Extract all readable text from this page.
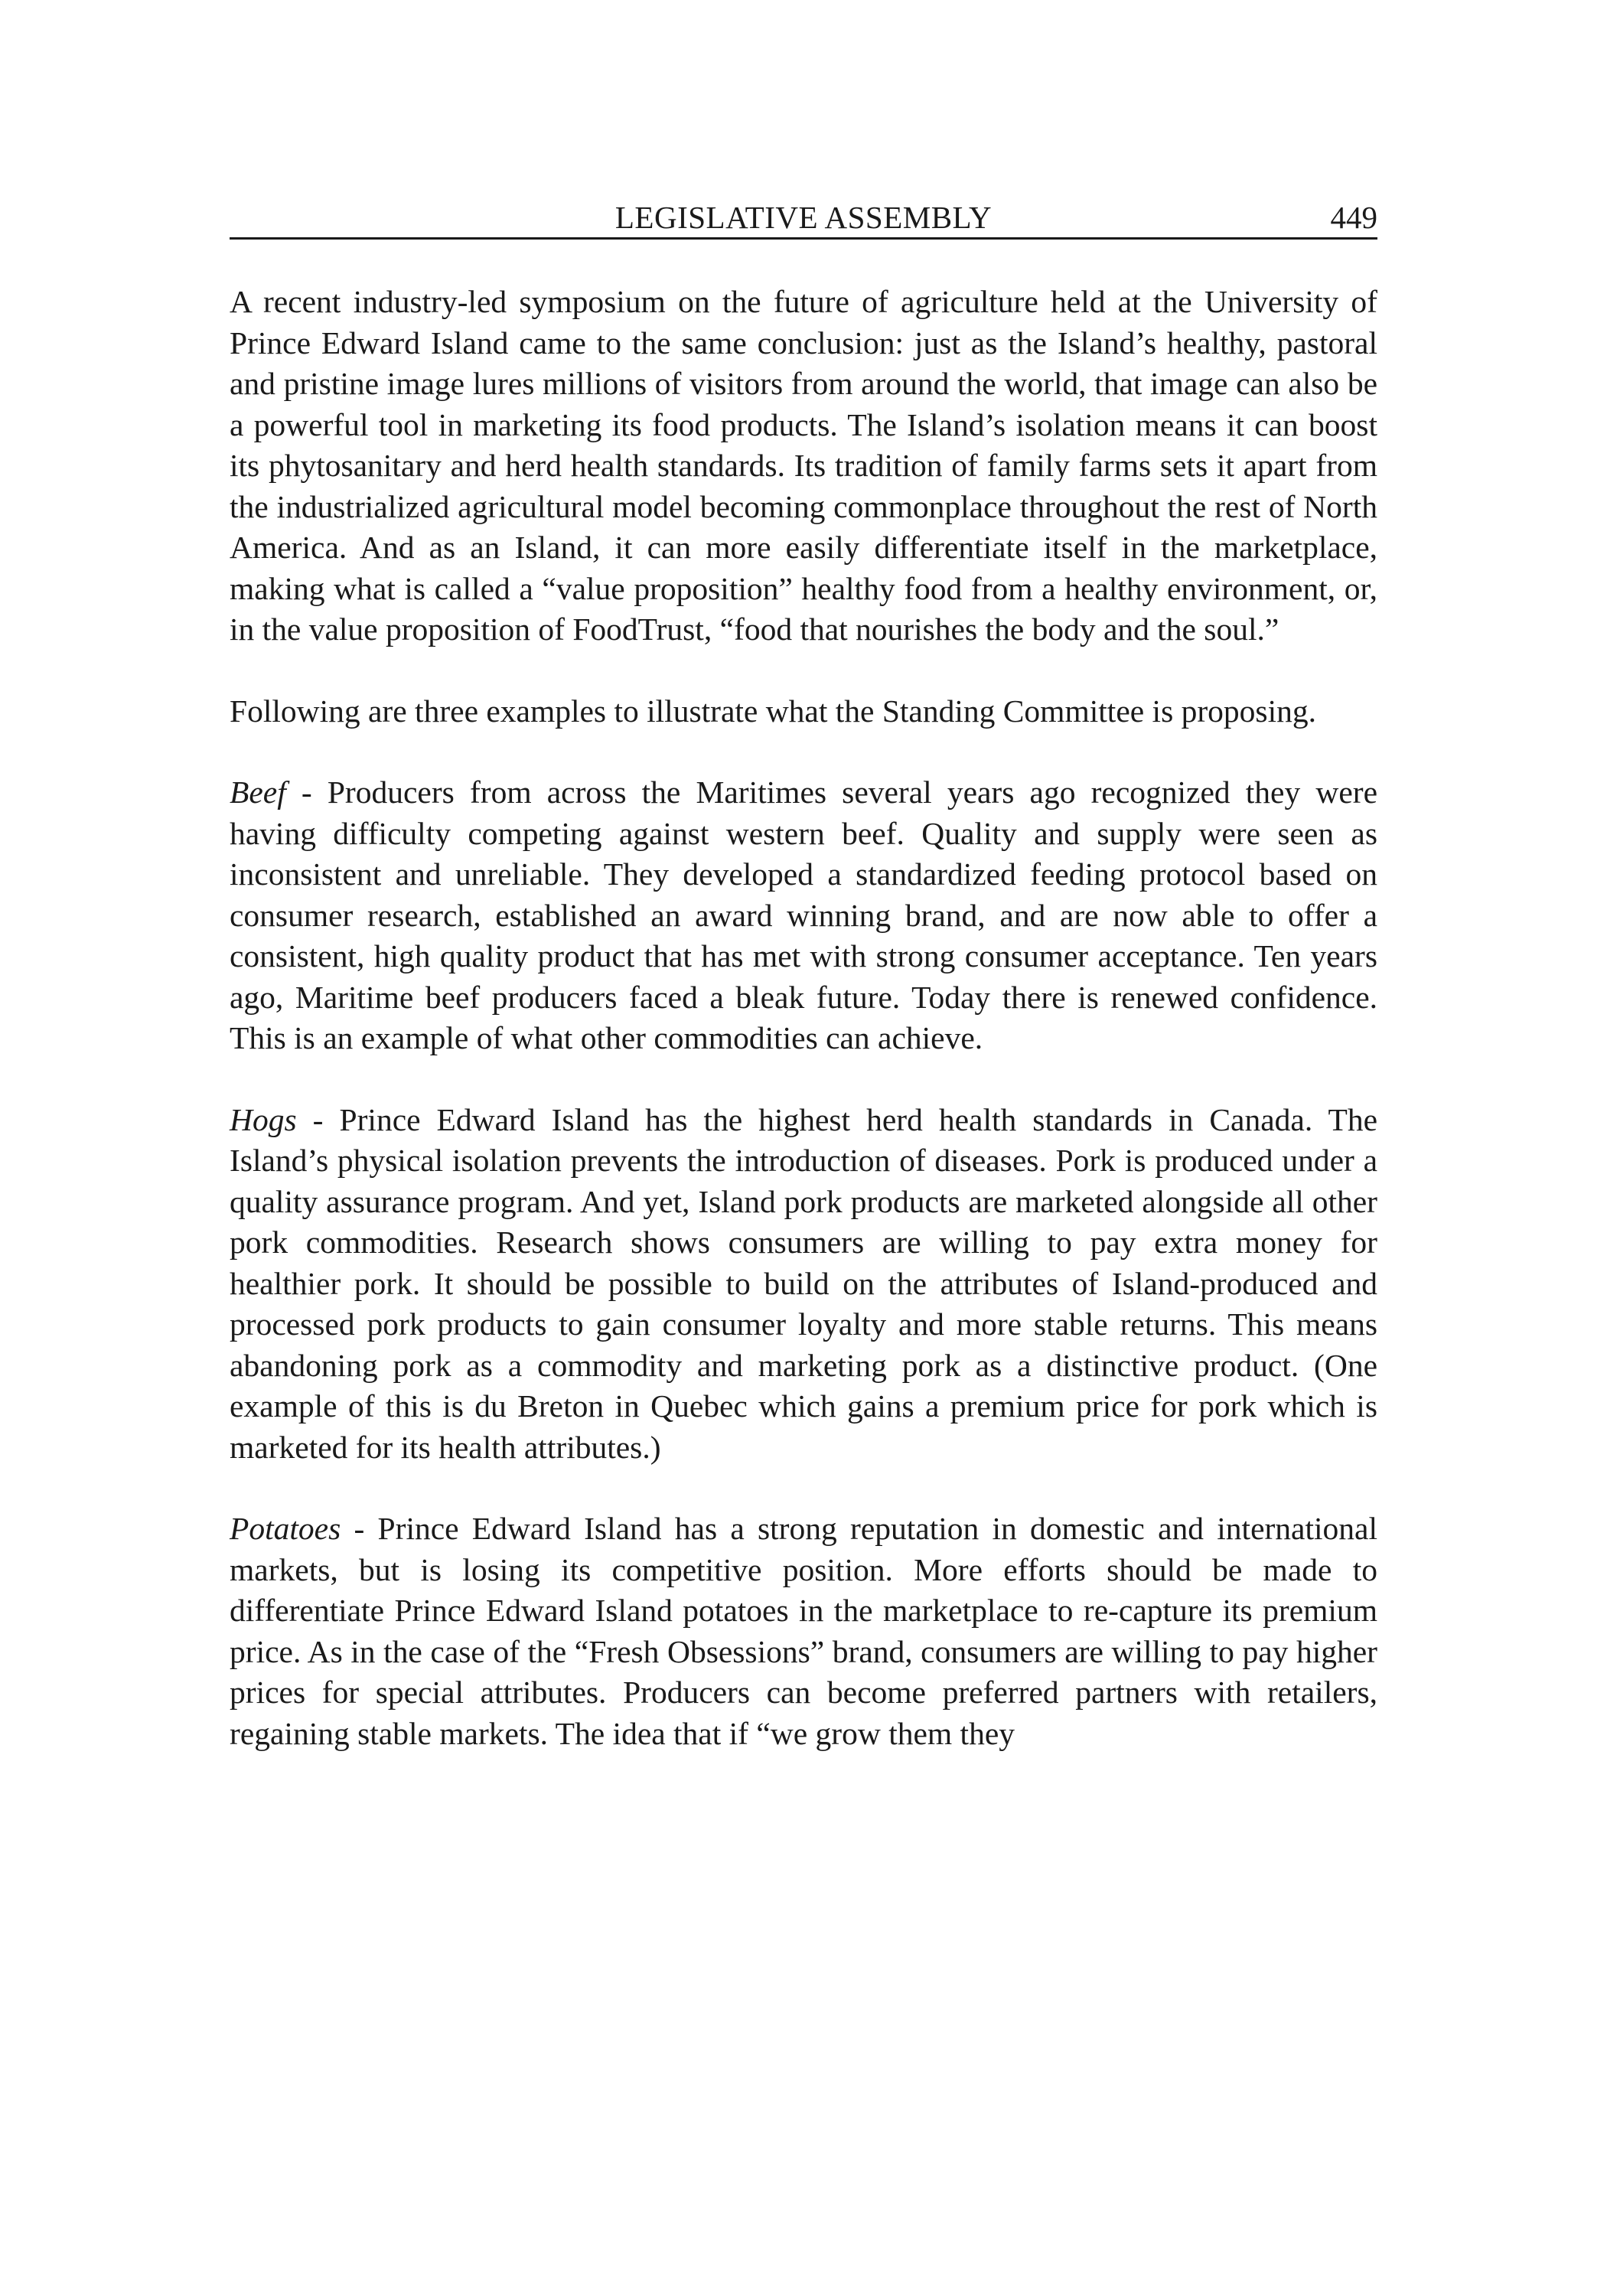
LEGISLATIVE ASSEMBLY	449

A recent industry-led symposium on the future of agriculture held at the University of Prince Edward Island came to the same conclusion: just as the Island’s healthy, pastoral and pristine image lures millions of visitors from around the world, that image can also be a powerful tool in marketing its food products. The Island’s isolation means it can boost its phytosanitary and herd health standards. Its tradition of family farms sets it apart from the industrialized agricultural model becoming commonplace throughout the rest of North America. And as an Island, it can more easily differentiate itself in the marketplace, making what is called a “value proposition” healthy food from a healthy environment, or, in the value proposition of FoodTrust, “food that nourishes the body and the soul.”

Following are three examples to illustrate what the Standing Committee is proposing.

Beef - Producers from across the Maritimes several years ago recognized they were having difficulty competing against western beef. Quality and supply were seen as inconsistent and unreliable. They developed a standardized feeding protocol based on consumer research, established an award winning brand, and are now able to offer a consistent, high quality product that has met with strong consumer acceptance. Ten years ago, Maritime beef producers faced a bleak future. Today there is renewed confidence. This is an example of what other commodities can achieve.

Hogs - Prince Edward Island has the highest herd health standards in Canada. The Island’s physical isolation prevents the introduction of diseases. Pork is produced under a quality assurance program. And yet, Island pork products are marketed alongside all other pork commodities. Research shows consumers are willing to pay extra money for healthier pork. It should be possible to build on the attributes of Island-produced and processed pork products to gain consumer loyalty and more stable returns. This means abandoning pork as a commodity and marketing pork as a distinctive product. (One example of this is du Breton in Quebec which gains a premium price for pork which is marketed for its health attributes.)

Potatoes - Prince Edward Island has a strong reputation in domestic and international markets, but is losing its competitive position. More efforts should be made to differentiate Prince Edward Island potatoes in the marketplace to re-capture its premium price. As in the case of the “Fresh Obsessions” brand, consumers are willing to pay higher prices for special attributes. Producers can become preferred partners with retailers, regaining stable markets. The idea that if “we grow them they
